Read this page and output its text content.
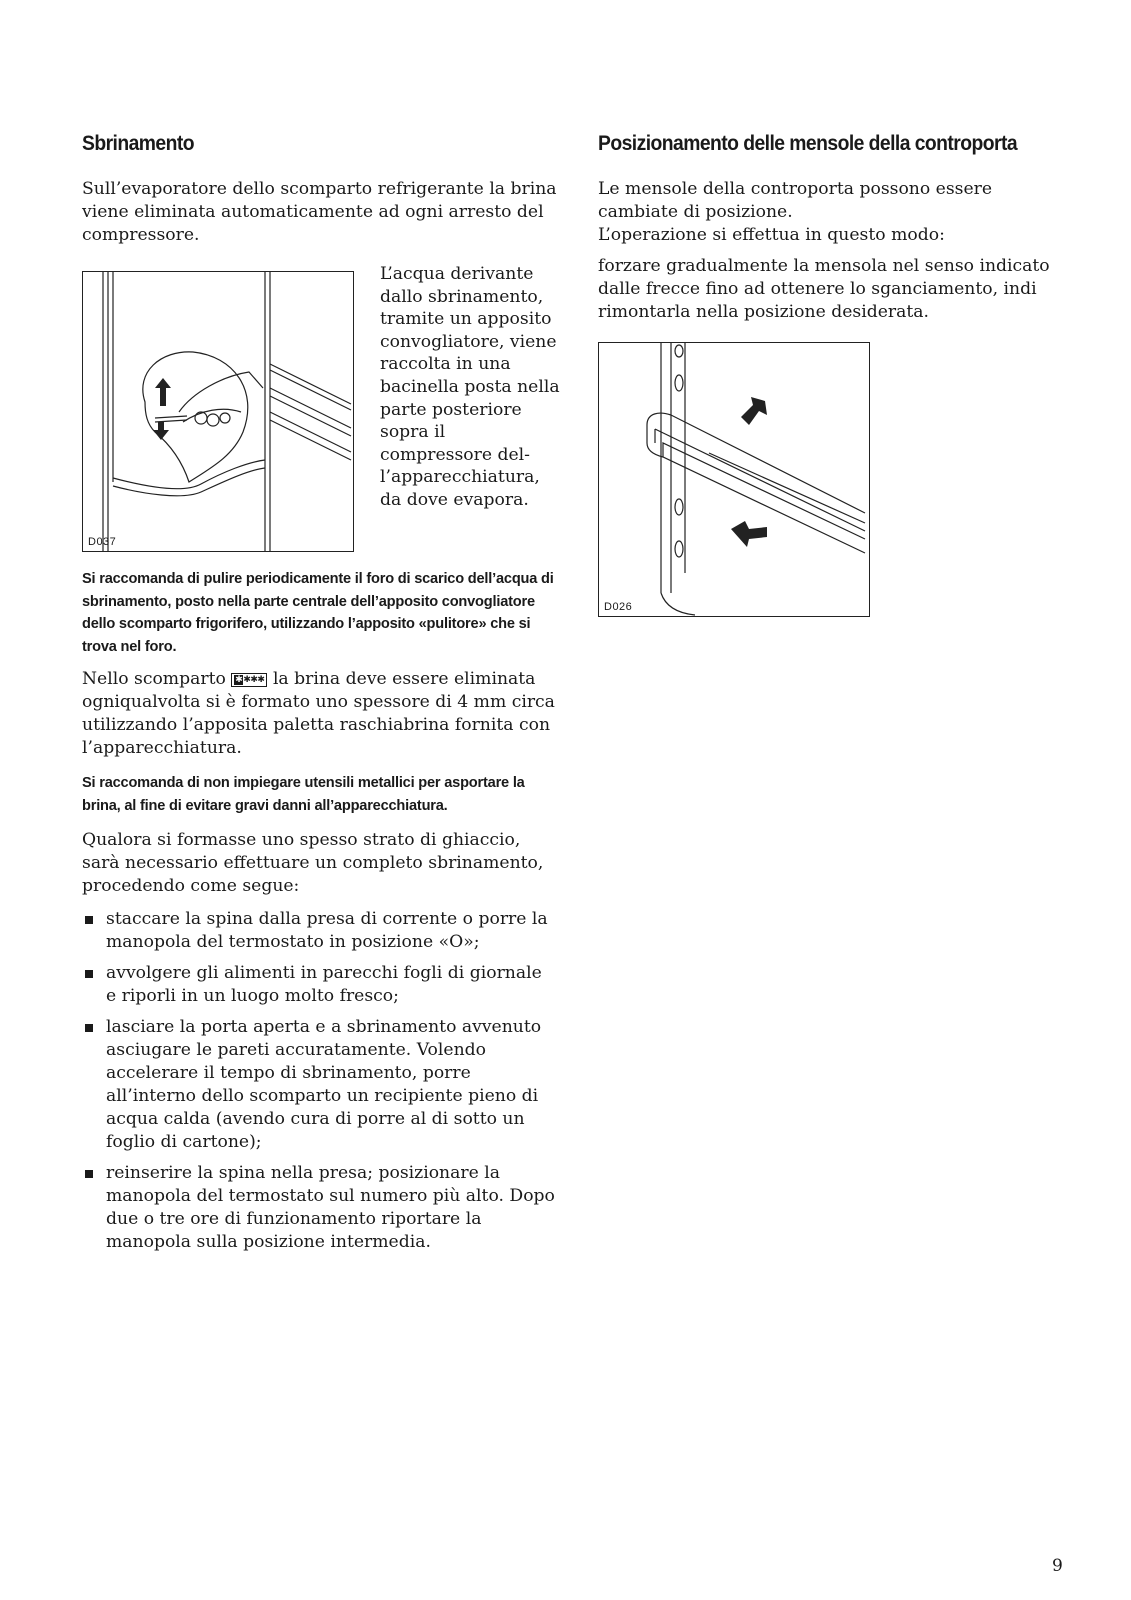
Sbrinamento

Sull’evaporatore dello scomparto refrigerante la brina viene eliminata automaticamente ad ogni arresto del compressore.

D037

L’acqua derivante dallo sbrinamento, tramite un apposito convogliatore, viene raccolta in una bacinella posta nella parte posteriore sopra il compressore del-l’apparecchiatura, da dove evapora.

Si raccomanda di pulire periodicamente il foro di scarico dell’acqua di sbrinamento, posto nella parte centrale dell’apposito convogliatore dello scomparto frigorifero, utilizzando l’apposito «pulitore» che si trova nel foro.

Nello scomparto ✱✱✱✱ la brina deve essere eliminata ogniqualvolta si è formato uno spessore di 4 mm circa utilizzando l’apposita paletta raschiabrina fornita con l’apparecchiatura.

Si raccomanda di non impiegare utensili metallici per asportare la brina, al fine di evitare gravi danni all’apparecchiatura.

Qualora si formasse uno spesso strato di ghiaccio, sarà necessario effettuare un completo sbrinamento, procedendo come segue:

staccare la spina dalla presa di corrente o porre la manopola del termostato in posizione «O»;
avvolgere gli alimenti in parecchi fogli di giornale e riporli in un luogo molto fresco;
lasciare la porta aperta e a sbrinamento avvenuto asciugare le pareti accuratamente. Volendo accelerare il tempo di sbrinamento, porre all’interno dello scomparto un recipiente pieno di acqua calda (avendo cura di porre al di sotto un foglio di cartone);
reinserire la spina nella presa; posizionare la manopola del termostato sul numero più alto. Dopo due o tre ore di funzionamento riportare la manopola sulla posizione intermedia.
Posizionamento delle mensole della controporta

Le mensole della controporta possono essere cambiate di posizione.

L’operazione si effettua in questo modo:

forzare gradualmente la mensola nel senso indicato dalle frecce fino ad ottenere lo sganciamento, indi rimontarla nella posizione desiderata.

D026
9
